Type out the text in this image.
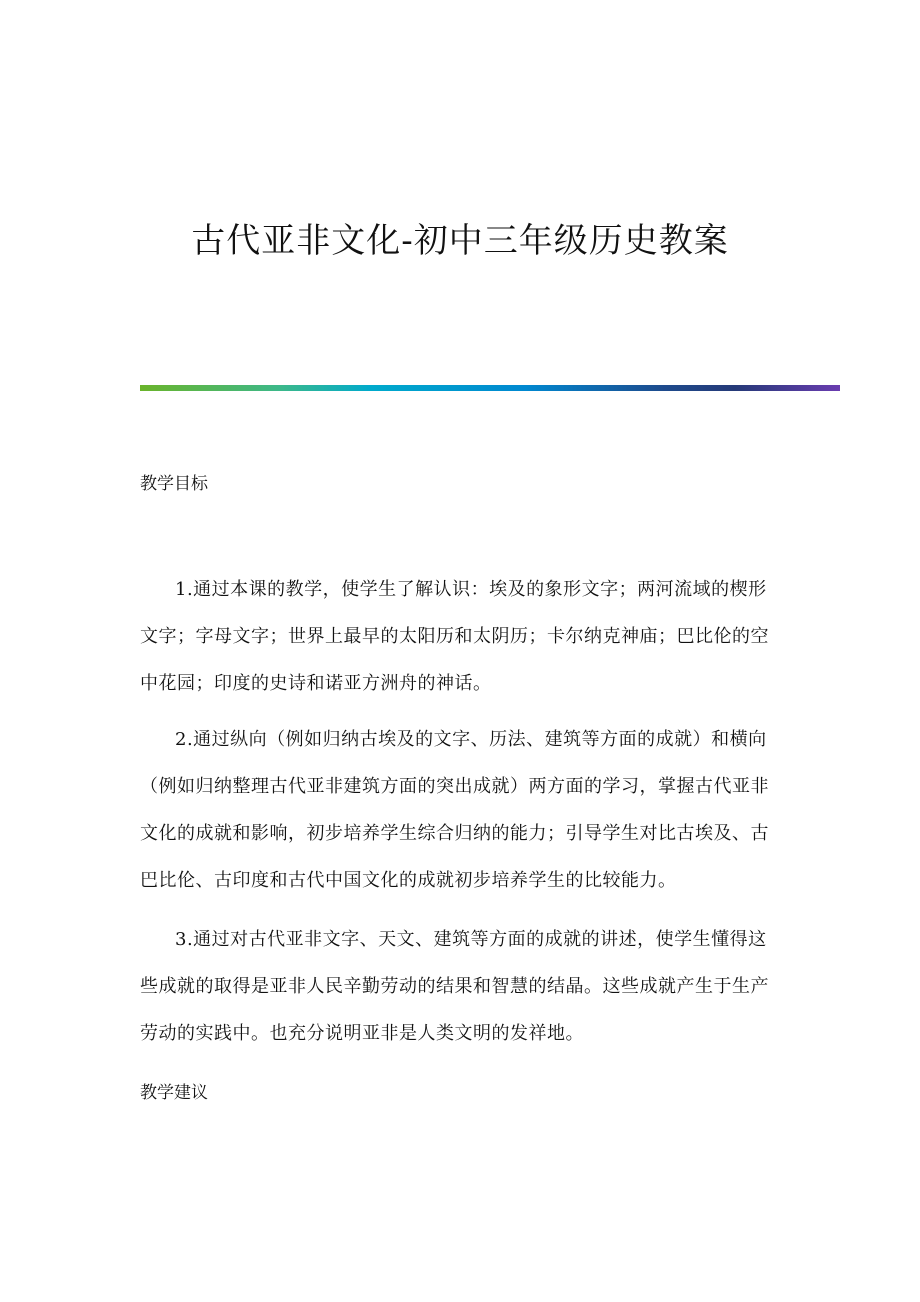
古代亚非文化-初中三年级历史教案
教学目标
1.通过本课的教学，使学生了解认识：埃及的象形文字；两河流域的楔形
文字；字母文字；世界上最早的太阳历和太阴历；卡尔纳克神庙；巴比伦的空
中花园；印度的史诗和诺亚方洲舟的神话。
2.通过纵向（例如归纳古埃及的文字、历法、建筑等方面的成就）和横向
（例如归纳整理古代亚非建筑方面的突出成就）两方面的学习，掌握古代亚非
文化的成就和影响，初步培养学生综合归纳的能力；引导学生对比古埃及、古
巴比伦、古印度和古代中国文化的成就初步培养学生的比较能力。
3.通过对古代亚非文字、天文、建筑等方面的成就的讲述，使学生懂得这
些成就的取得是亚非人民辛勤劳动的结果和智慧的结晶。这些成就产生于生产
劳动的实践中。也充分说明亚非是人类文明的发祥地。
教学建议
